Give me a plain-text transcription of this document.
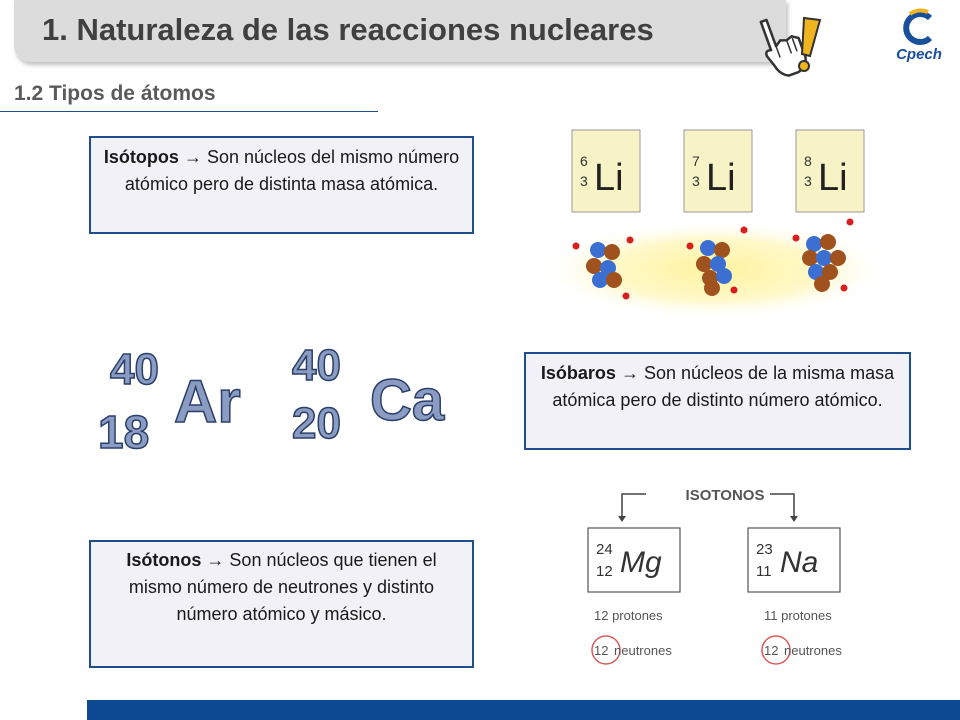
1. Naturaleza de las reacciones nucleares
Cpech
1.2 Tipos de átomos
Isótopos → Son núcleos del mismo número atómico pero de distinta masa atómica.
6
3 Li	7
3 Li	8
3 Li
40
18 Ar
40
20 Ca	Isóbaros → Son núcleos de la misma masa atómica pero de distinto número atómico.
ISOTONOS
24
12 Mg	23
11 Na
12 protones
12 neutrones
11 protones
12 neutrones
Isótonos → Son núcleos que tienen el mismo número de neutrones y distinto número atómico y másico.
